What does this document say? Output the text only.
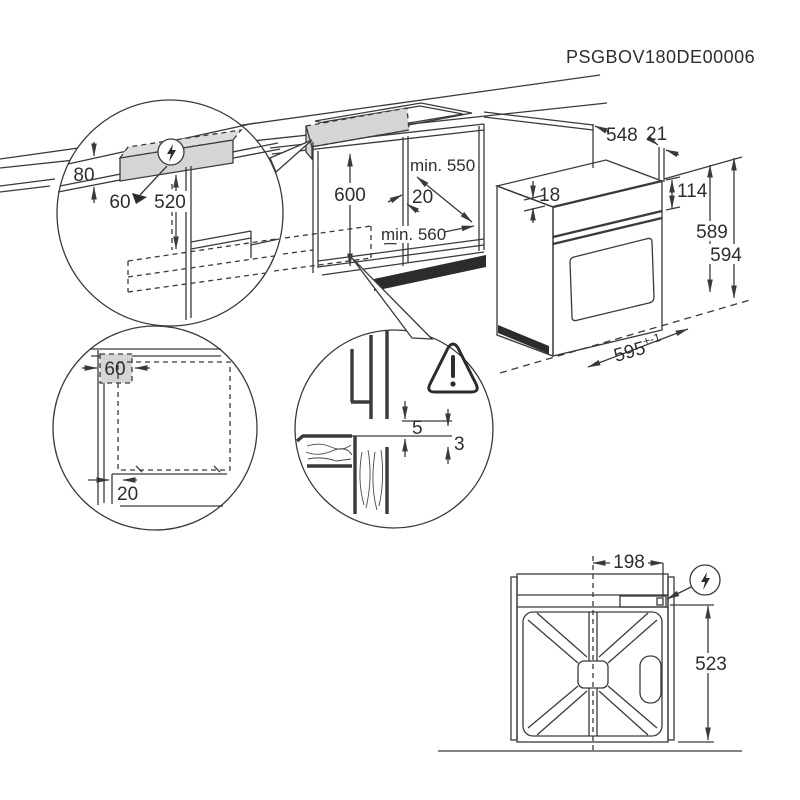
600
min. 550
20
min. 560
548 21
18	114
589
594
$595^{+-1}$
198
523
80
60 520
60
20
5
3
PSGBOV180DE00006
